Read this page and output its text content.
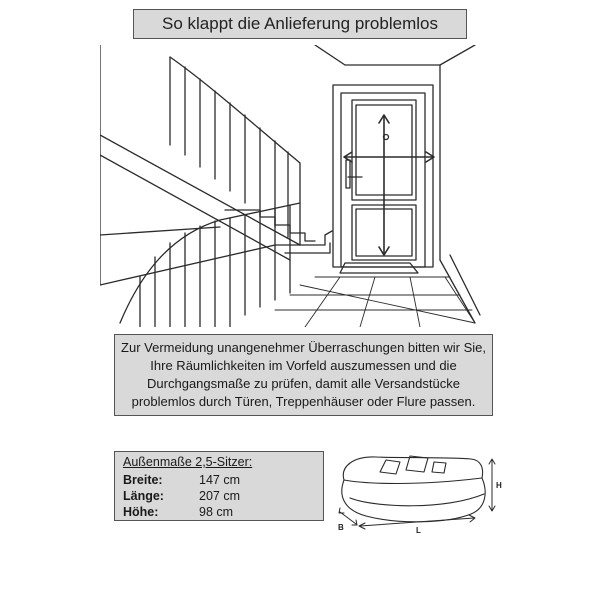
So klappt die Anlieferung problemlos
Zur Vermeidung unangenehmer Überraschungen bitten wir Sie, Ihre Räumlichkeiten im Vorfeld auszumessen und die Durchgangsmaße zu prüfen, damit alle Versandstücke problemlos durch Türen, Treppenhäuser oder Flure passen.
Außenmaße 2,5-Sitzer:
Breite:	147 cm
Länge:	207 cm
Höhe:	98 cm
H
B	L
